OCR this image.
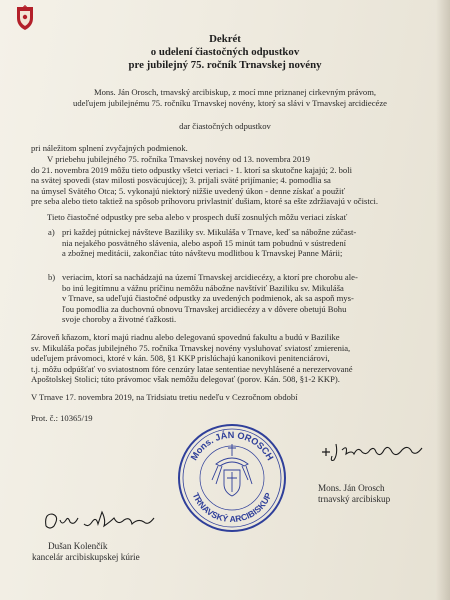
Dekrét
o udelení čiastočných odpustkov
pre jubilejný 75. ročník Trnavskej novény
Mons. Ján Orosch, trnavský arcibiskup, z mocí mne priznanej cirkevným právom,
udeľujem jubilejnému 75. ročníku Trnavskej novény, ktorý sa slávi v Trnavskej arcidiecéze
dar čiastočných odpustkov
pri náležitom splnení zvyčajných podmienok.
V priebehu jubilejného 75. ročníka Trnavskej novény od 13. novembra 2019
do 21. novembra 2019 môžu tieto odpustky všetci veriaci - 1. ktorí sa skutočne kajajú; 2. boli
na svätej spovedi (stav milosti posväcujúcej); 3. prijali sväté prijímanie; 4. pomodlia sa
na úmysel Svätého Otca; 5. vykonajú niektorý nižšie uvedený úkon - denne získať a použiť
pre seba alebo tieto taktiež na spôsob príhovoru privlastniť dušiam, ktoré sa ešte zdržiavajú v očistci.
Tieto čiastočné odpustky pre seba alebo v prospech duší zosnulých môžu veriaci získať
a) pri každej pútnickej návšteve Baziliky sv. Mikuláša v Trnave, keď sa nábožne zúčast-
nia nejakého posvätného slávenia, alebo aspoň 15 minút tam pobudnú v sústredení
a zbožnej meditácii, zakončiac túto návštevu modlitbou k Trnavskej Panne Márii;
b) veriacim, ktorí sa nachádzajú na území Trnavskej arcidiecézy, a ktorí pre chorobu ale-
bo inú legitímnu a vážnu príčinu nemôžu nábožne navštíviť Baziliku sv. Mikuláša
v Trnave, sa udeľujú čiastočné odpustky za uvedených podmienok, ak sa aspoň mys-
ľou pomodlia za duchovnú obnovu Trnavskej arcidiecézy a v dôvere obetujú Bohu
svoje choroby a životné ťažkosti.
Zároveň kňazom, ktorí majú riadnu alebo delegovanú spovednú fakultu a budú v Bazilike
sv. Mikuláša počas jubilejného 75. ročníka Trnavskej novény vysluhovať sviatosť zmierenia,
udeľujem právomoci, ktoré v kán. 508, §1 KKP prislúchajú kanonikovi penitenciárovi,
t.j. môžu odpúšťať vo sviatostnom fóre cenzúry latae sententiae nevyhlásené a nerezervované
Apoštolskej Stolici; túto právomoc však nemôžu delegovať (porov. Kán. 508, §1-2 KKP).
V Trnave 17. novembra 2019, na Tridsiatu tretiu nedeľu v Cezročnom období
Prot. č.: 10365/19
Mons. JÁN OROSCH
TRNAVSKÝ ARCIBISKUP
Mons. Ján Orosch
trnavský arcibiskup
Dušan Kolenčík
kancelár arcibiskupskej kúrie
